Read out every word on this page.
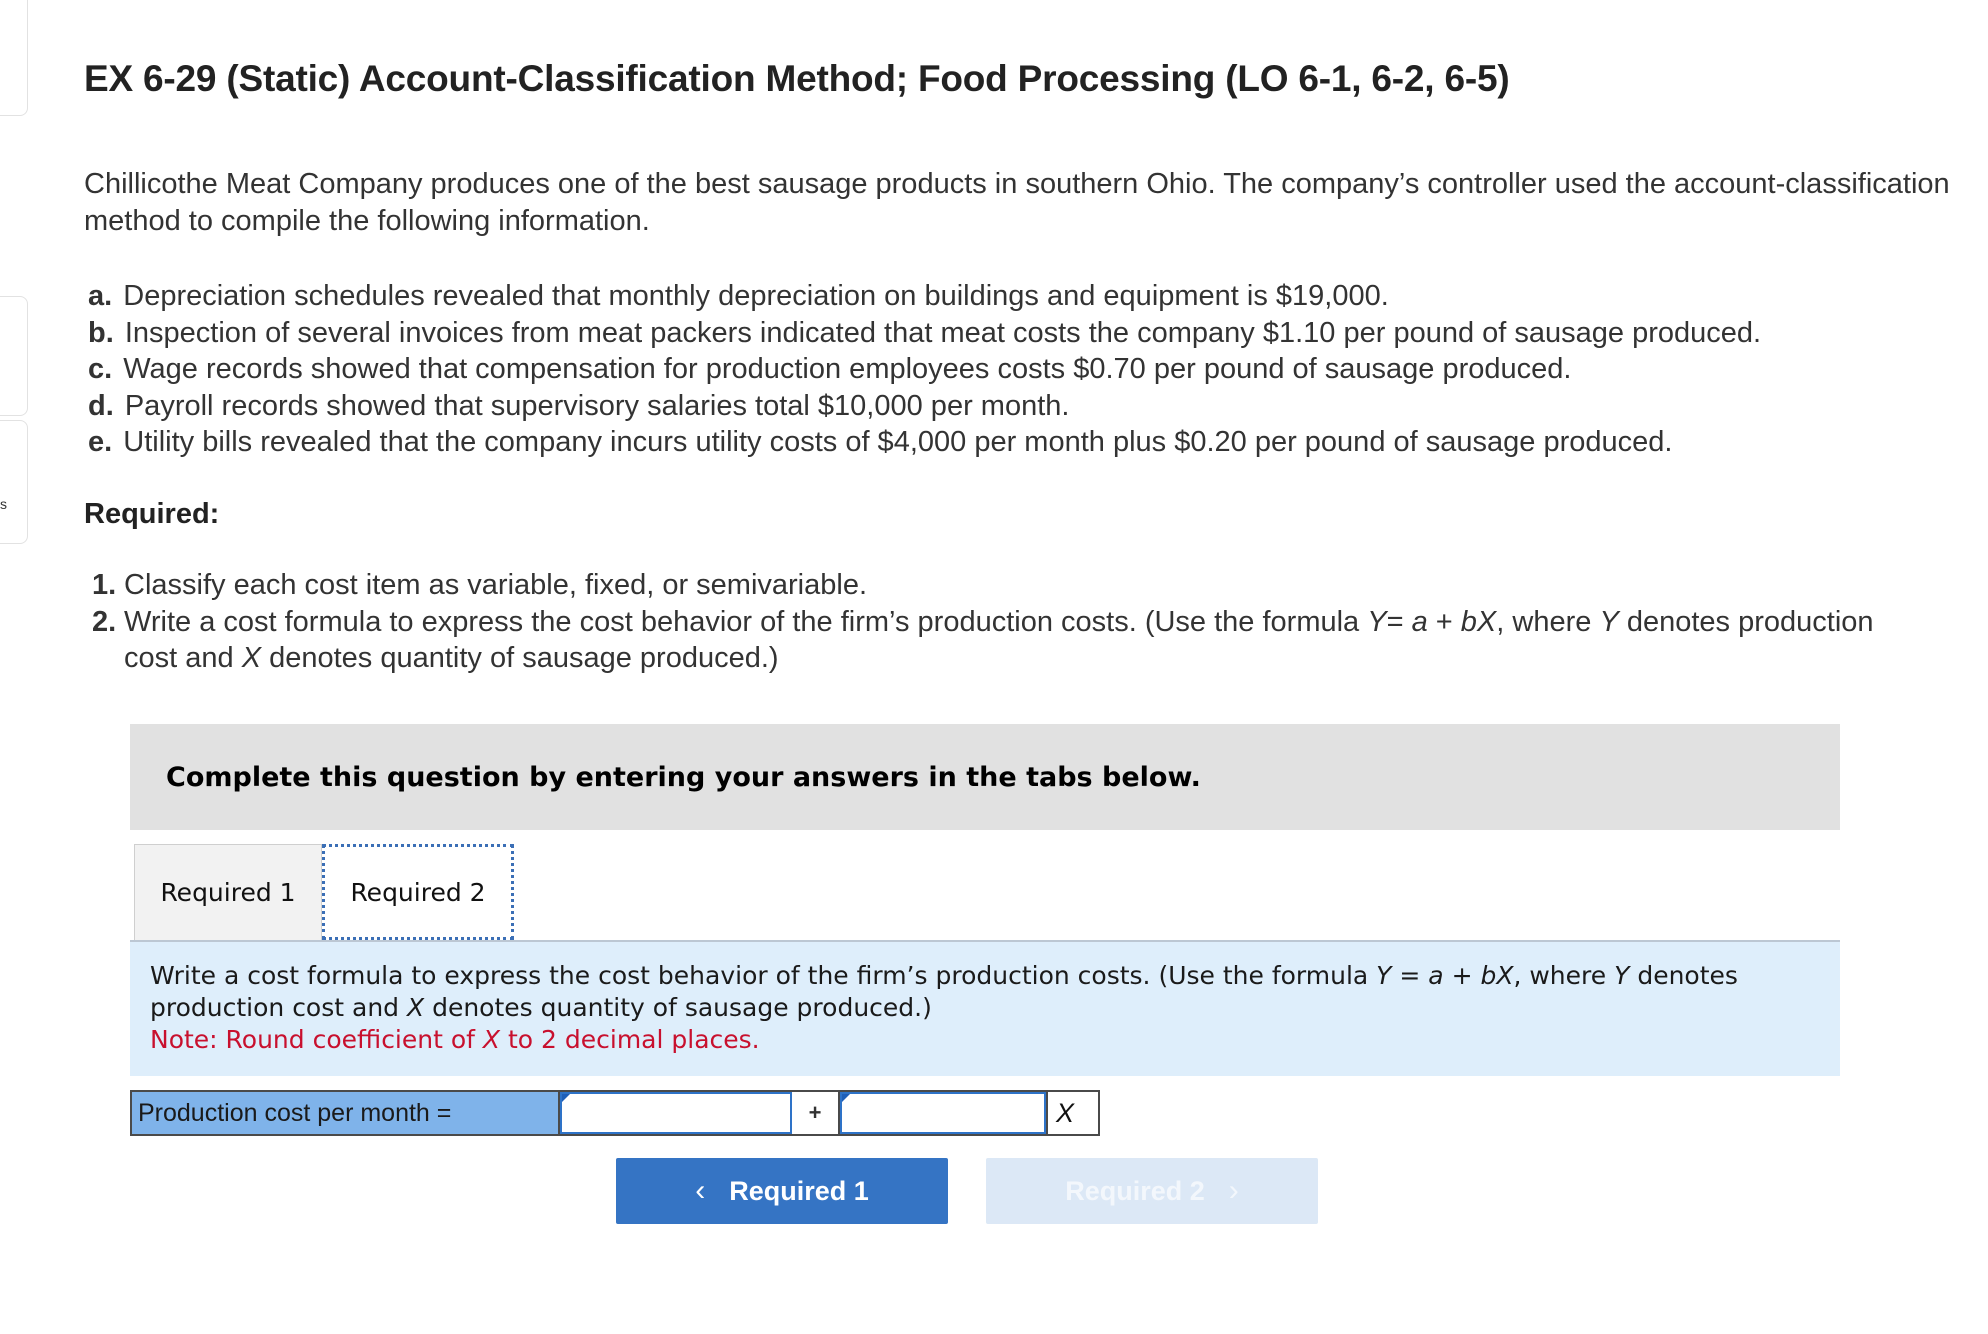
s
EX 6-29 (Static) Account-Classification Method; Food Processing (LO 6-1, 6-2, 6-5)
Chillicothe Meat Company produces one of the best sausage products in southern Ohio. The company’s controller used the account-classification method to compile the following information.
a. Depreciation schedules revealed that monthly depreciation on buildings and equipment is $19,000.
b. Inspection of several invoices from meat packers indicated that meat costs the company $1.10 per pound of sausage produced.
c. Wage records showed that compensation for production employees costs $0.70 per pound of sausage produced.
d. Payroll records showed that supervisory salaries total $10,000 per month.
e. Utility bills revealed that the company incurs utility costs of $4,000 per month plus $0.20 per pound of sausage produced.
Required:
1. Classify each cost item as variable, fixed, or semivariable.
2. Write a cost formula to express the cost behavior of the firm’s production costs. (Use the formula Y= a + bX, where Y denotes production cost and X denotes quantity of sausage produced.)
Complete this question by entering your answers in the tabs below.
Required 1	Required 2
Write a cost formula to express the cost behavior of the firm’s production costs. (Use the formula Y = a + bX, where Y denotes production cost and X denotes quantity of sausage produced.)
Note: Round coefficient of X to 2 decimal places.
Production cost per month =	+	X
‹ Required 1	Required 2 ›
